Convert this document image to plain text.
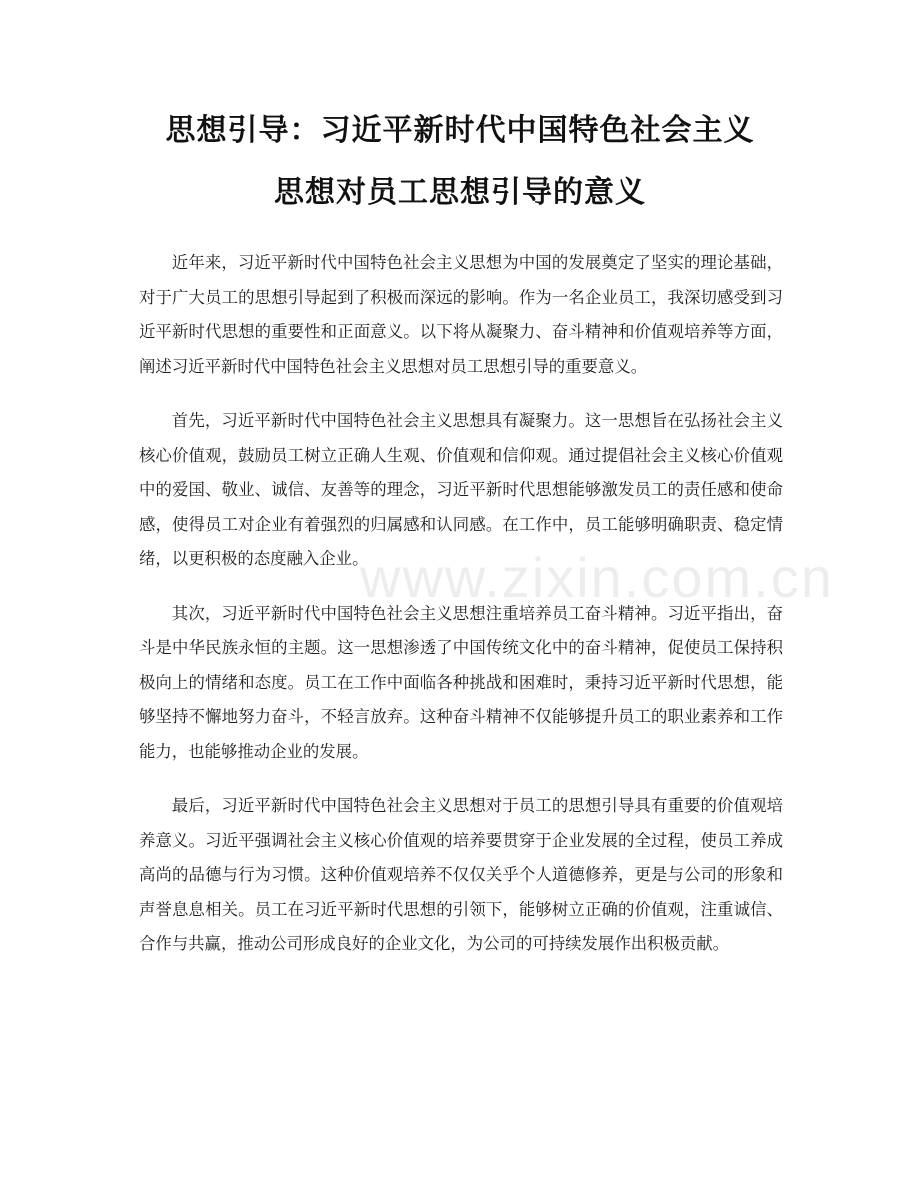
思想引导：习近平新时代中国特色社会主义
思想对员工思想引导的意义

近年来，习近平新时代中国特色社会主义思想为中国的发展奠定了坚实的理论基础，对于广大员工的思想引导起到了积极而深远的影响。作为一名企业员工，我深切感受到习近平新时代思想的重要性和正面意义。以下将从凝聚力、奋斗精神和价值观培养等方面，阐述习近平新时代中国特色社会主义思想对员工思想引导的重要意义。

首先，习近平新时代中国特色社会主义思想具有凝聚力。这一思想旨在弘扬社会主义核心价值观，鼓励员工树立正确人生观、价值观和信仰观。通过提倡社会主义核心价值观中的爱国、敬业、诚信、友善等的理念，习近平新时代思想能够激发员工的责任感和使命感，使得员工对企业有着强烈的归属感和认同感。在工作中，员工能够明确职责、稳定情绪，以更积极的态度融入企业。

其次，习近平新时代中国特色社会主义思想注重培养员工奋斗精神。习近平指出，奋斗是中华民族永恒的主题。这一思想渗透了中国传统文化中的奋斗精神，促使员工保持积极向上的情绪和态度。员工在工作中面临各种挑战和困难时，秉持习近平新时代思想，能够坚持不懈地努力奋斗，不轻言放弃。这种奋斗精神不仅能够提升员工的职业素养和工作能力，也能够推动企业的发展。

最后，习近平新时代中国特色社会主义思想对于员工的思想引导具有重要的价值观培养意义。习近平强调社会主义核心价值观的培养要贯穿于企业发展的全过程，使员工养成高尚的品德与行为习惯。这种价值观培养不仅仅关乎个人道德修养，更是与公司的形象和声誉息息相关。员工在习近平新时代思想的引领下，能够树立正确的价值观，注重诚信、合作与共赢，推动公司形成良好的企业文化，为公司的可持续发展作出积极贡献。

www.zixin.com.cn
